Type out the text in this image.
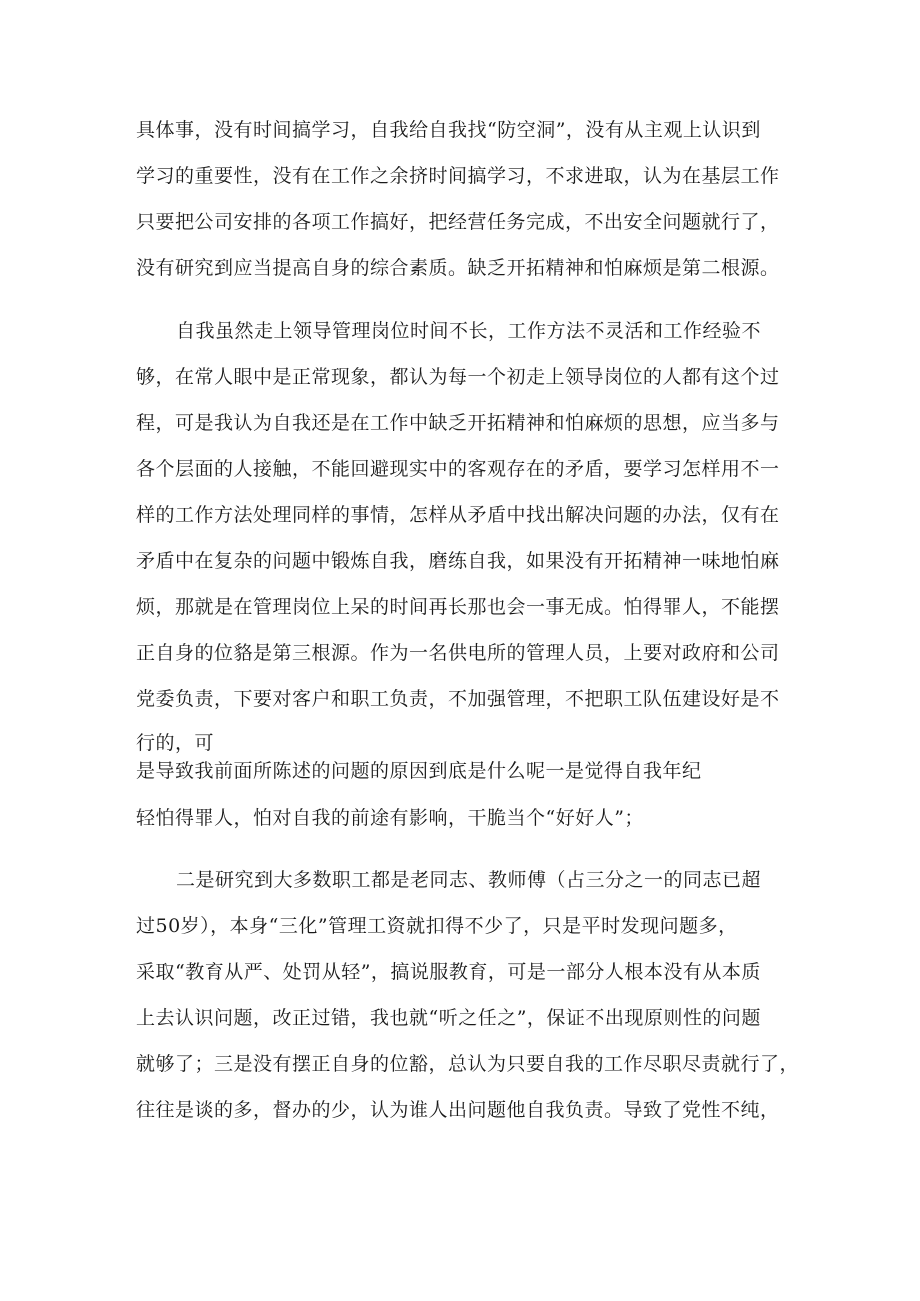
具体事，没有时间搞学习，自我给自我找“防空洞”，没有从主观上认识到
学习的重要性，没有在工作之余挤时间搞学习，不求进取，认为在基层工作
只要把公司安排的各项工作搞好，把经营任务完成，不出安全问题就行了，
没有研究到应当提高自身的综合素质。缺乏开拓精神和怕麻烦是第二根源。
自我虽然走上领导管理岗位时间不长，工作方法不灵活和工作经验不
够，在常人眼中是正常现象，都认为每一个初走上领导岗位的人都有这个过
程，可是我认为自我还是在工作中缺乏开拓精神和怕麻烦的思想，应当多与
各个层面的人接触，不能回避现实中的客观存在的矛盾，要学习怎样用不一
样的工作方法处理同样的事情，怎样从矛盾中找出解决问题的办法，仅有在
矛盾中在复杂的问题中锻炼自我，磨练自我，如果没有开拓精神一味地怕麻
烦，那就是在管理岗位上呆的时间再长那也会一事无成。怕得罪人，不能摆
正自身的位貉是第三根源。作为一名供电所的管理人员，上要对政府和公司
党委负责，下要对客户和职工负责，不加强管理，不把职工队伍建设好是不
行的，可
是导致我前面所陈述的问题的原因到底是什么呢一是觉得自我年纪
轻怕得罪人，怕对自我的前途有影响，干脆当个“好好人”；
二是研究到大多数职工都是老同志、教师傅（占三分之一的同志已超
过50岁），本身“三化”管理工资就扣得不少了，只是平时发现问题多，
采取“教育从严、处罚从轻”，搞说服教育，可是一部分人根本没有从本质
上去认识问题，改正过错，我也就“听之任之”，保证不出现原则性的问题
就够了；三是没有摆正自身的位豁，总认为只要自我的工作尽职尽责就行了，
往往是谈的多，督办的少，认为谁人出问题他自我负责。导致了党性不纯，
